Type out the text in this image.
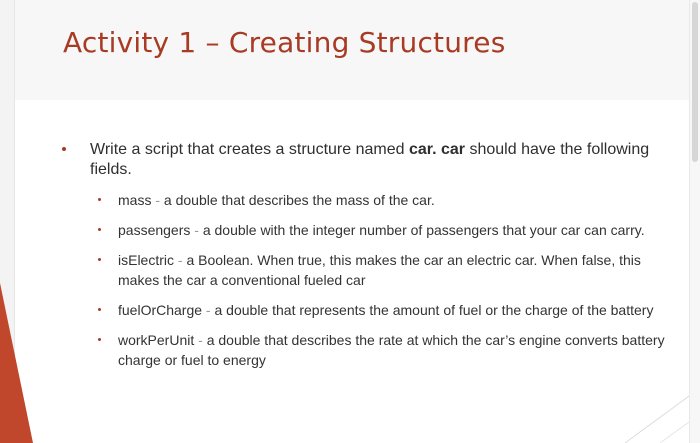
Activity 1 – Creating Structures
Write a script that creates a structure named car. car should have the following fields.
mass - a double that describes the mass of the car.
passengers - a double with the integer number of passengers that your car can carry.
isElectric - a Boolean. When true, this makes the car an electric car. When false, this makes the car a conventional fueled car
fuelOrCharge - a double that represents the amount of fuel or the charge of the battery
workPerUnit - a double that describes the rate at which the car’s engine converts battery charge or fuel to energy
